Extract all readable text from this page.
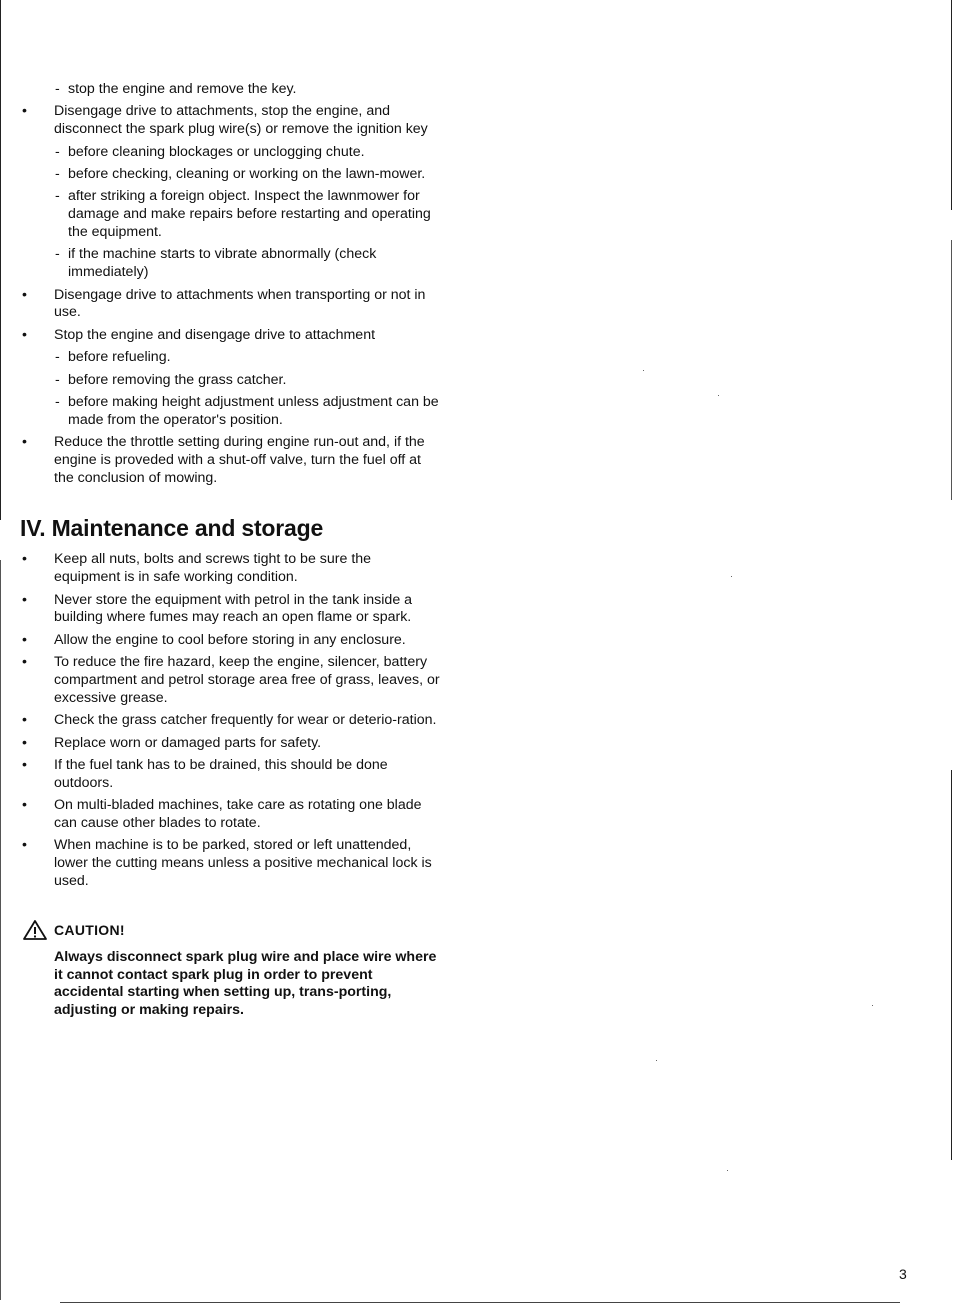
- stop the engine and remove the key.
• Disengage drive to attachments, stop the engine, and disconnect the spark plug wire(s) or remove the ignition key
- before cleaning blockages or unclogging chute.
- before checking, cleaning or working on the lawn-mower.
- after striking a foreign object. Inspect the lawnmower for damage and make repairs before restarting and operating the equipment.
- if the machine starts to vibrate abnormally (check immediately)
• Disengage drive to attachments when transporting or not in use.
• Stop the engine and disengage drive to attachment
- before refueling.
- before removing the grass catcher.
- before making height adjustment unless adjustment can be made from the operator's position.
• Reduce the throttle setting during engine run-out and, if the engine is proveded with a shut-off valve, turn the fuel off at the conclusion of mowing.
IV. Maintenance and storage
• Keep all nuts, bolts and screws tight to be sure the equipment is in safe working condition.
• Never store the equipment with petrol in the tank inside a building where fumes may reach an open flame or spark.
• Allow the engine to cool before storing in any enclosure.
• To reduce the fire hazard, keep the engine, silencer, battery compartment and petrol storage area free of grass, leaves, or excessive grease.
• Check the grass catcher frequently for wear or deterio-ration.
• Replace worn or damaged parts for safety.
• If the fuel tank has to be drained, this should be done outdoors.
• On multi-bladed machines, take care as rotating one blade can cause other blades to rotate.
• When machine is to be parked, stored or left unattended, lower the cutting means unless a positive mechanical lock is used.
CAUTION!
Always disconnect spark plug wire and place wire where it cannot contact spark plug in order to prevent accidental starting when setting up, trans-porting, adjusting or making repairs.
3
